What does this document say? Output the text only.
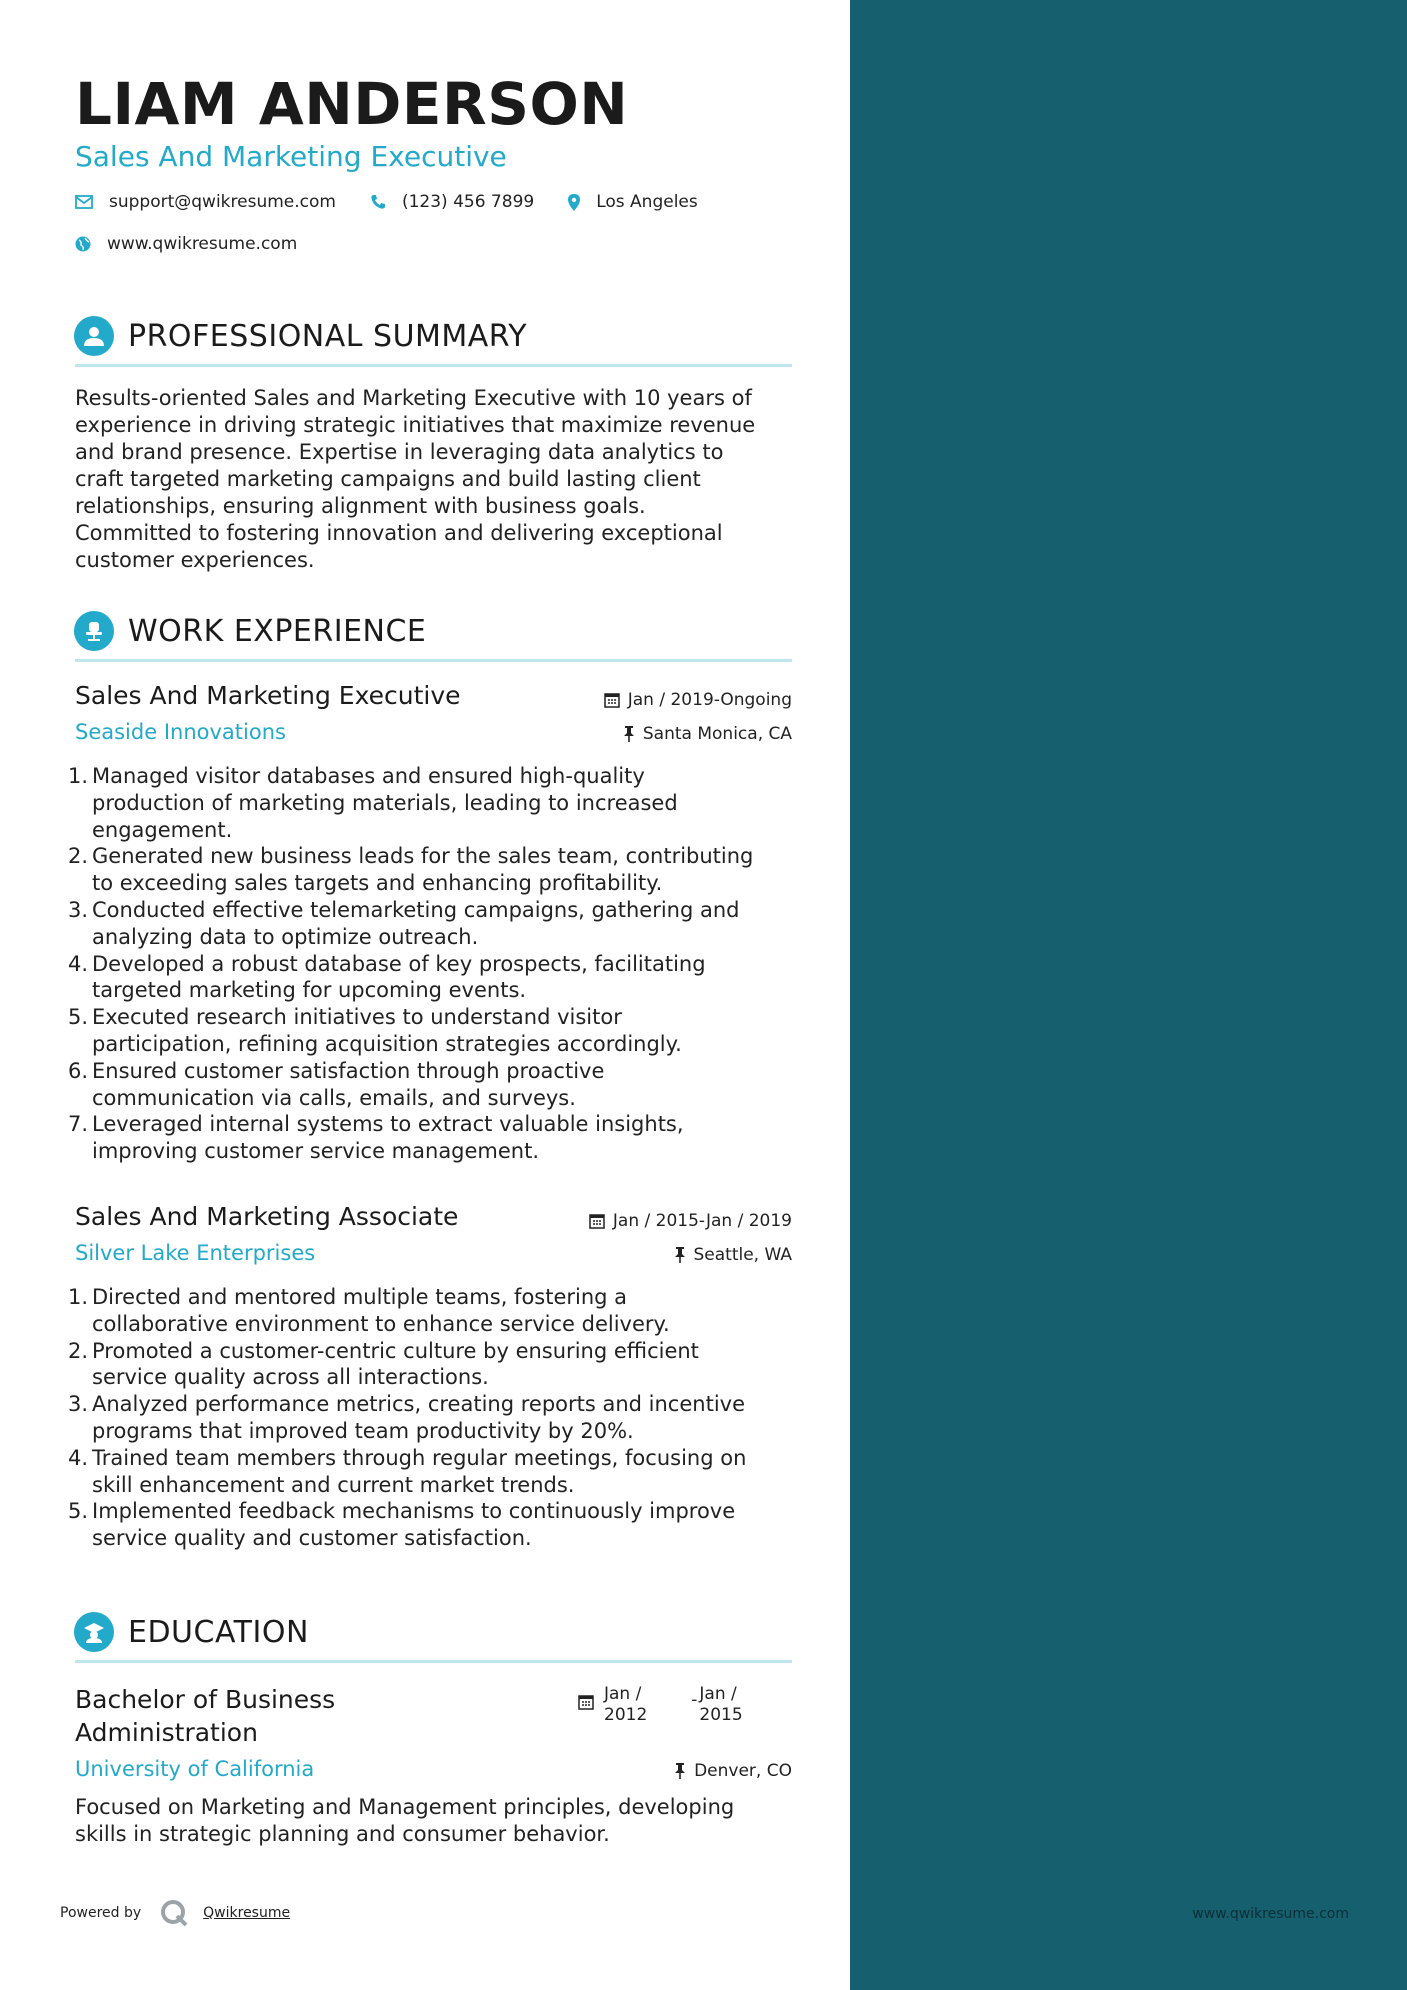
LIAM ANDERSON
Sales And Marketing Executive
support@qwikresume.com	(123) 456 7899	Los Angeles
www.qwikresume.com
PROFESSIONAL SUMMARY
Results-oriented Sales and Marketing Executive with 10 years of
experience in driving strategic initiatives that maximize revenue
and brand presence. Expertise in leveraging data analytics to
craft targeted marketing campaigns and build lasting client
relationships, ensuring alignment with business goals.
Committed to fostering innovation and delivering exceptional
customer experiences.
WORK EXPERIENCE
Sales And Marketing Executive	Jan / 2019-Ongoing
Seaside Innovations	Santa Monica, CA
1. Managed visitor databases and ensured high-quality
production of marketing materials, leading to increased
engagement.
2. Generated new business leads for the sales team, contributing
to exceeding sales targets and enhancing profitability.
3. Conducted effective telemarketing campaigns, gathering and
analyzing data to optimize outreach.
4. Developed a robust database of key prospects, facilitating
targeted marketing for upcoming events.
5. Executed research initiatives to understand visitor
participation, refining acquisition strategies accordingly.
6. Ensured customer satisfaction through proactive
communication via calls, emails, and surveys.
7. Leveraged internal systems to extract valuable insights,
improving customer service management.
Sales And Marketing Associate	Jan / 2015-Jan / 2019
Silver Lake Enterprises	Seattle, WA
1. Directed and mentored multiple teams, fostering a
collaborative environment to enhance service delivery.
2. Promoted a customer-centric culture by ensuring efficient
service quality across all interactions.
3. Analyzed performance metrics, creating reports and incentive
programs that improved team productivity by 20%.
4. Trained team members through regular meetings, focusing on
skill enhancement and current market trends.
5. Implemented feedback mechanisms to continuously improve
service quality and customer satisfaction.
EDUCATION
Bachelor of Business
Administration
Jan /
2012
- Jan /
2015
University of California	Denver, CO
Focused on Marketing and Management principles, developing
skills in strategic planning and consumer behavior.
Powered by	Qwikresume	www.qwikresume.com
